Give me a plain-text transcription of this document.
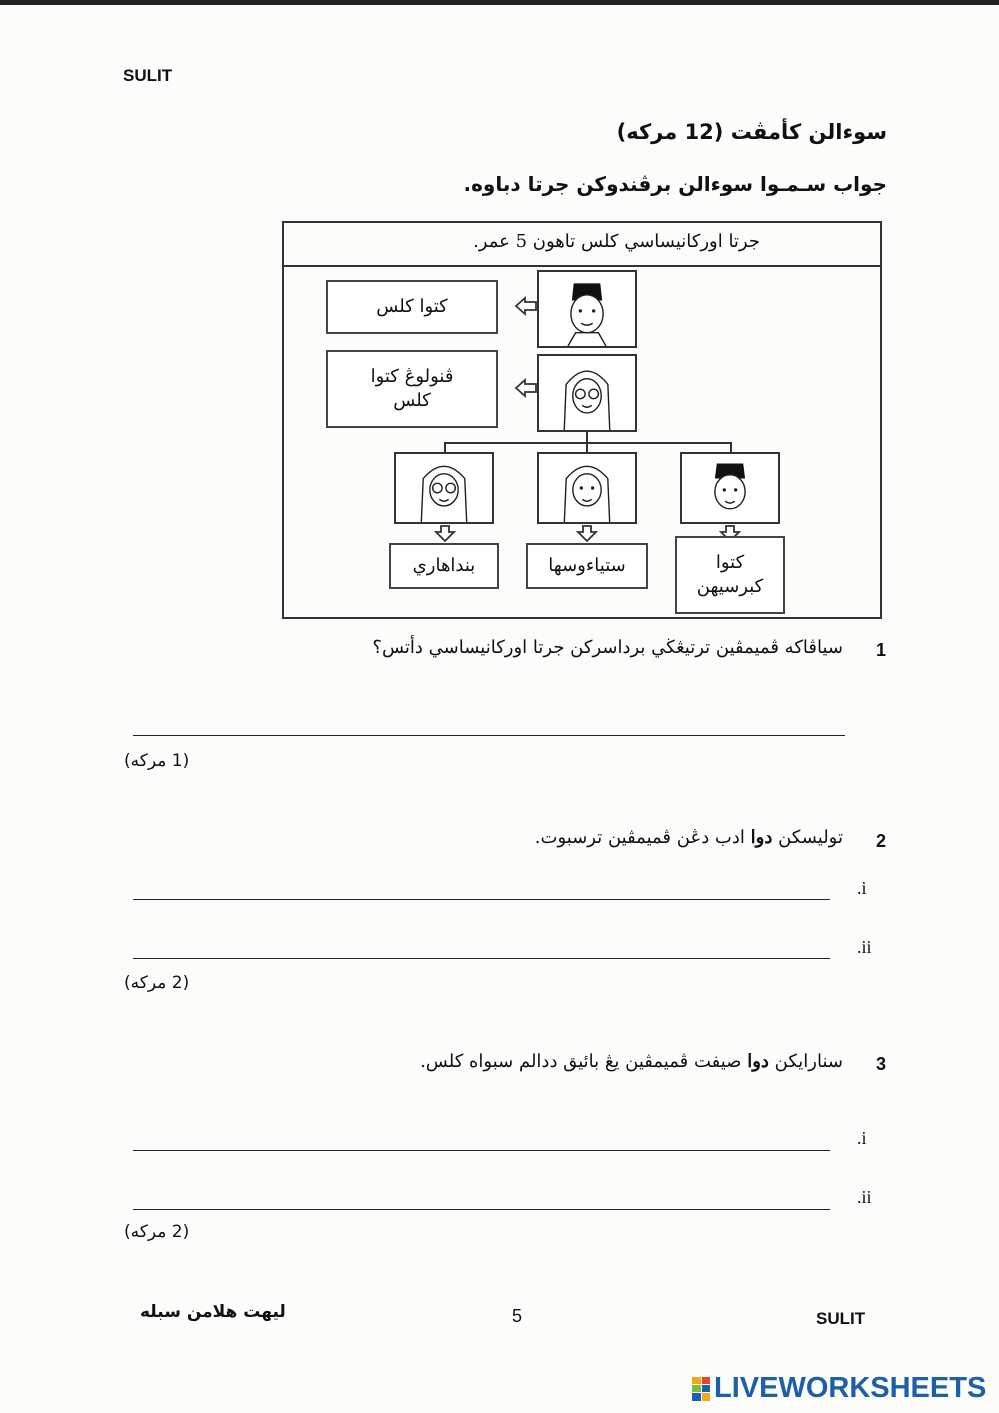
SULIT
سوءالن كأمڤت (12 مركه)
جواب سـمـوا سوءالن برڤندوكن جرتا دباوه.
جرتا اوركانيساسي كلس تاهون 5 عمر.
كتوا كلس
ڤنولوڠ كتوا
كلس
بنداهاري	ستياءوسها	كتوا
كبرسيهن
1
سياڤاكه ڤميمڤين ترتيڠڬي برداسركن جرتا اوركانيساسي دأتس؟
(1 مركه)
2
توليسكن دوا ادب دڠن ڤميمڤين ترسبوت.
.i
.ii
(2 مركه)
3
سنارايكن دوا صيفت ڤميمڤين يڠ بائيق ددالم سبواه كلس.
.i
.ii
(2 مركه)
ليهت هلامن سبله	5	SULIT
LIVEWORKSHEETS
